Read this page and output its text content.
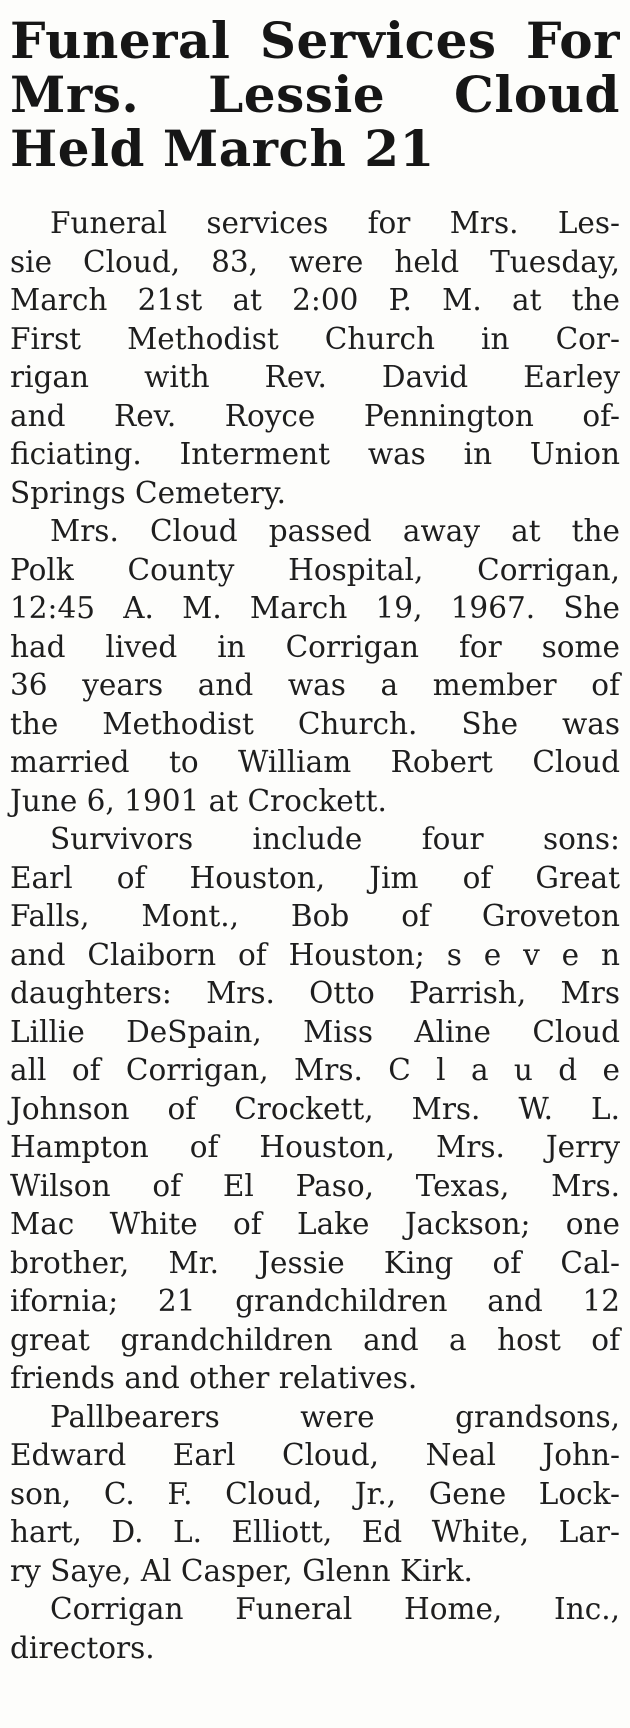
Funeral Services For
Mrs. Lessie Cloud
Held March 21
Funeral services for Mrs. Les-
sie Cloud, 83, were held Tuesday,
March 21st at 2:00 P. M. at the
First Methodist Church in Cor-
rigan with Rev. David Earley
and Rev. Royce Pennington of-
ficiating. Interment was in Union
Springs Cemetery.
Mrs. Cloud passed away at the
Polk County Hospital, Corrigan,
12:45 A. M. March 19, 1967. She
had lived in Corrigan for some
36 years and was a member of
the Methodist Church. She was
married to William Robert Cloud
June 6, 1901 at Crockett.
Survivors include four sons:
Earl of Houston, Jim of Great
Falls, Mont., Bob of Groveton
and Claiborn of Houston; s e v e n
daughters: Mrs. Otto Parrish, Mrs
Lillie DeSpain, Miss Aline Cloud
all of Corrigan, Mrs. C l a u d e
Johnson of Crockett, Mrs. W. L.
Hampton of Houston, Mrs. Jerry
Wilson of El Paso, Texas, Mrs.
Mac White of Lake Jackson; one
brother, Mr. Jessie King of Cal-
ifornia; 21 grandchildren and 12
great grandchildren and a host of
friends and other relatives.
Pallbearers were grandsons,
Edward Earl Cloud, Neal John-
son, C. F. Cloud, Jr., Gene Lock-
hart, D. L. Elliott, Ed White, Lar-
ry Saye, Al Casper, Glenn Kirk.
Corrigan Funeral Home, Inc.,
directors.
